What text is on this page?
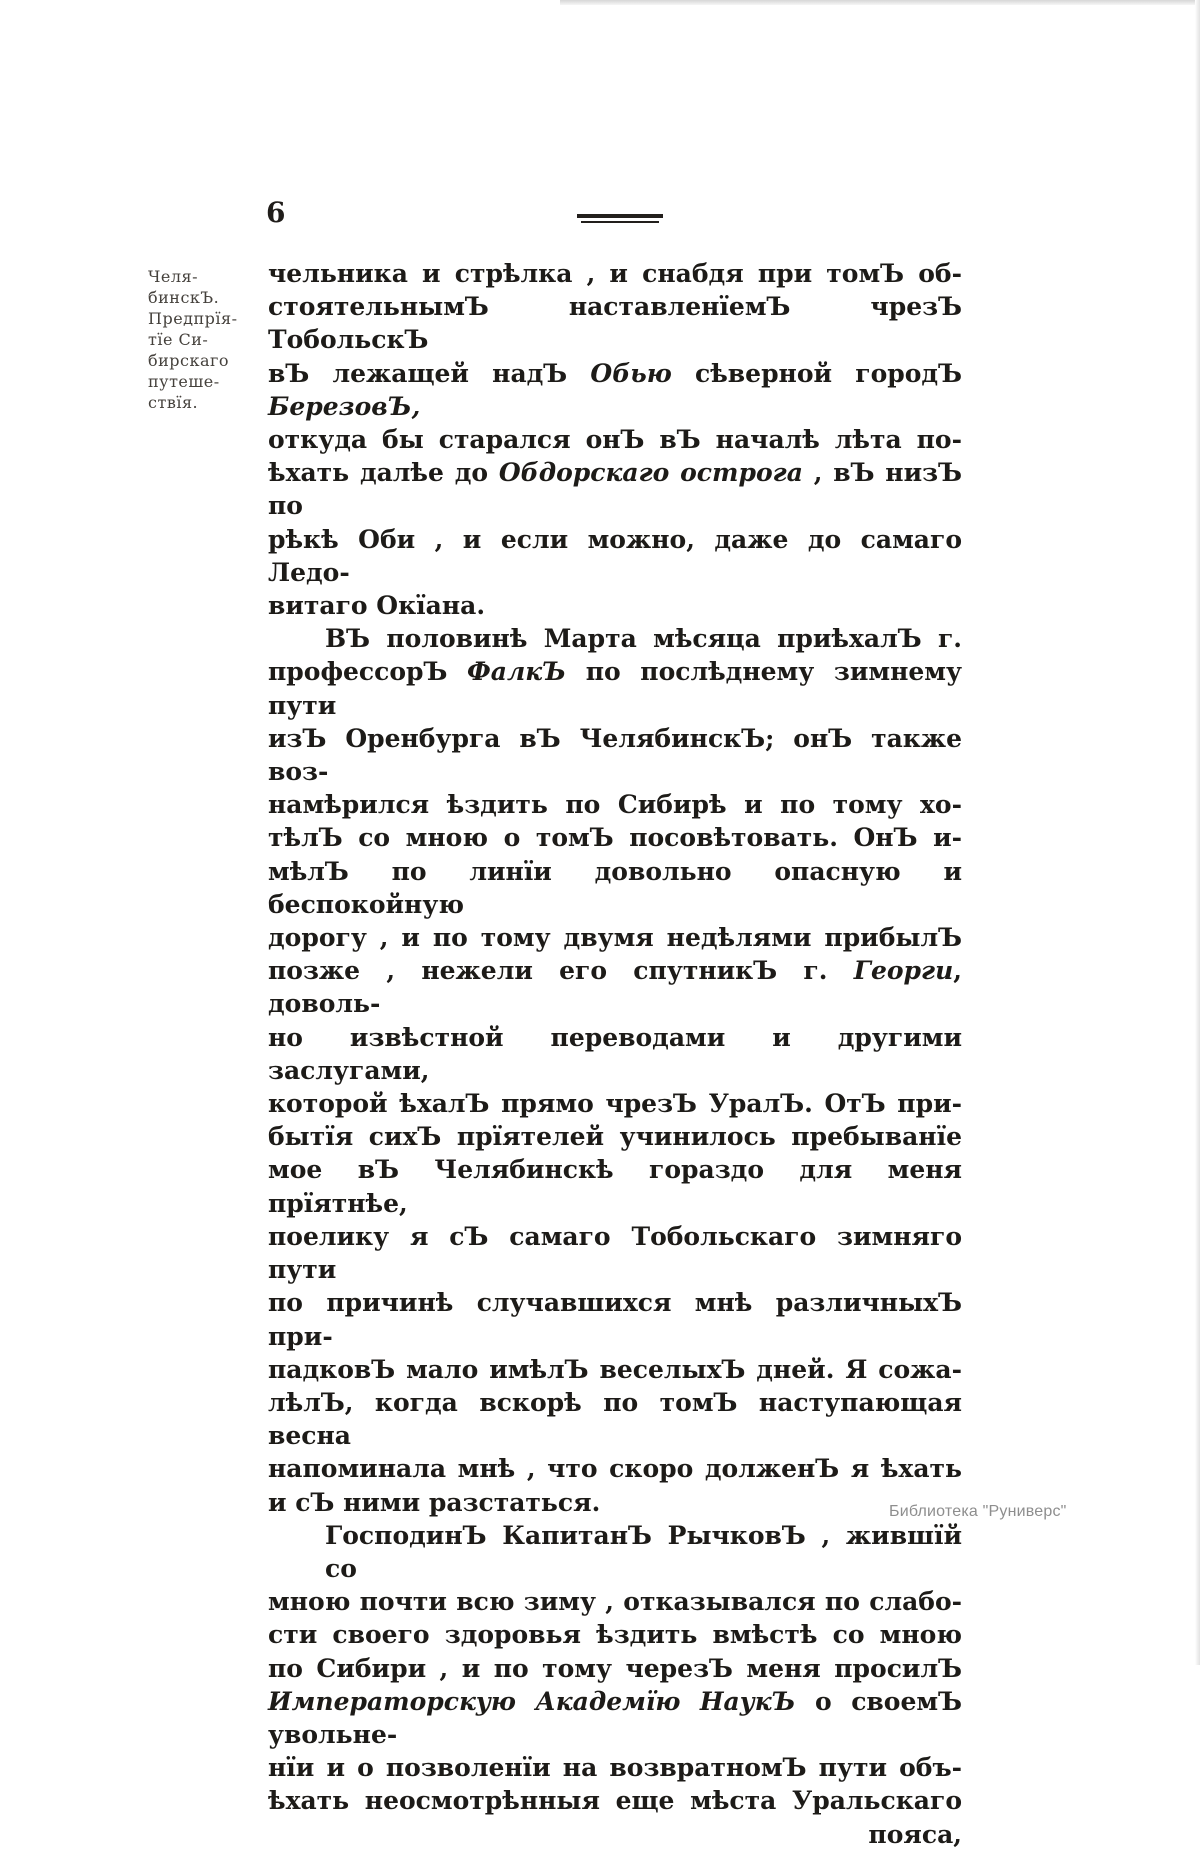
6
Челя-
бинскЪ.
Предпрїя-
тїе Си-
бирскаго
путеше-
ствїя.
чельника и стрѣлка , и снабдя при томЪ об-
стоятельнымЪ наставленїемЪ чрезЪ ТобольскЪ
вЪ лежащей надЪ Обью сѣверной городЪ БерезовЪ,
откуда бы старался онЪ вЪ началѣ лѣта по-
ѣхать далѣе до Обдорскаго острога , вЪ низЪ по
рѣкѣ Оби , и если можно, даже до самаго Ледо-
витаго Окїана.
ВЪ половинѣ Марта мѣсяца приѣхалЪ г.
профессорЪ ФалкЪ по послѣднему зимнему пути
изЪ Оренбурга вЪ ЧелябинскЪ; онЪ также воз-
намѣрился ѣздить по Сибирѣ и по тому хо-
тѣлЪ со мною о томЪ посовѣтовать. ОнЪ и-
мѣлЪ по линїи довольно опасную и беспокойную
дорогу , и по тому двумя недѣлями прибылЪ
позже , нежели его спутникЪ г. Георги, доволь-
но извѣстной переводами и другими заслугами,
которой ѣхалЪ прямо чрезЪ УралЪ. ОтЪ при-
бытїя сихЪ прїятелей учинилось пребыванїе
мое вЪ Челябинскѣ гораздо для меня прїятнѣе,
поелику я сЪ самаго Тобольскаго зимняго пути
по причинѣ случавшихся мнѣ различныхЪ при-
падковЪ мало имѣлЪ веселыхЪ дней. Я сожа-
лѣлЪ, когда вскорѣ по томЪ наступающая весна
напоминала мнѣ , что скоро долженЪ я ѣхать
и сЪ ними разстаться.
ГосподинЪ КапитанЪ РычковЪ , жившїй со
мною почти всю зиму , отказывался по слабо-
сти своего здоровья ѣздить вмѣстѣ со мною
по Сибири , и по тому черезЪ меня просилЪ
Императорскую Академїю НаукЪ о своемЪ увольне-
нїи и о позволенїи на возвратномЪ пути объ-
ѣхать неосмотрѣнныя еще мѣста Уральскаго
пояса,
Библиотека "Руниверс"
